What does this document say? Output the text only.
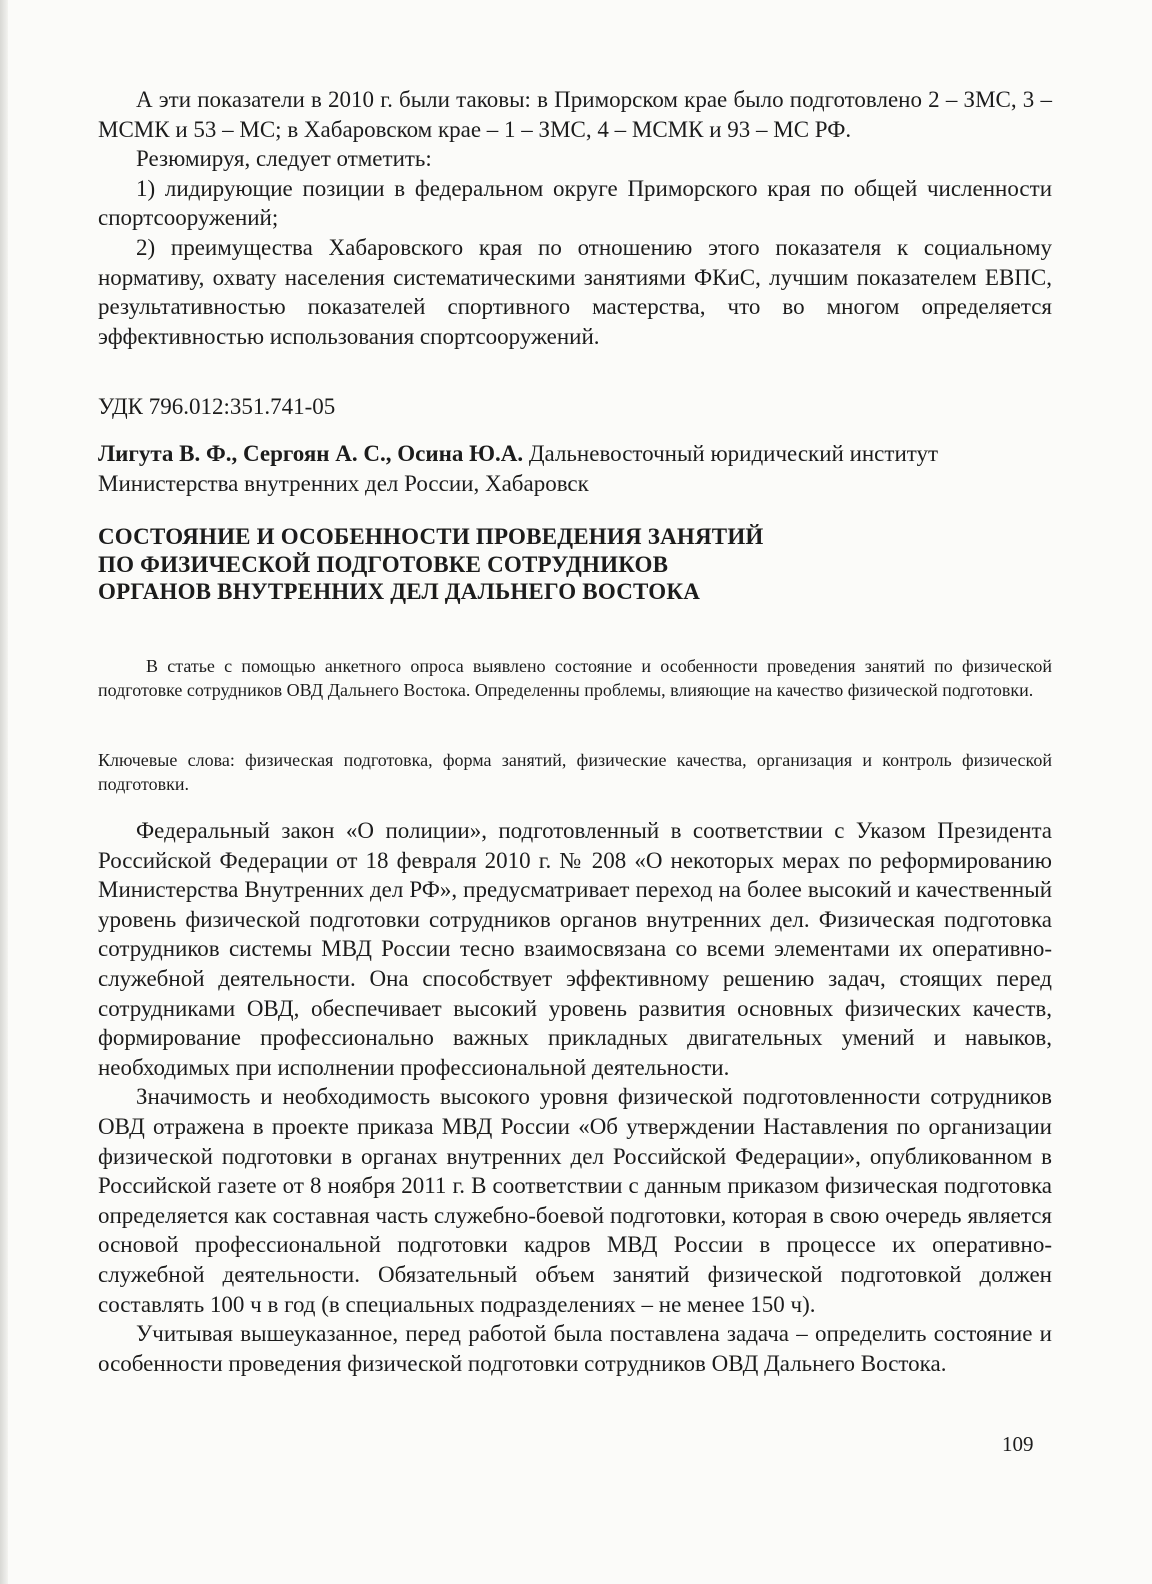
А эти показатели в 2010 г. были таковы: в Приморском крае было подготовлено 2 – ЗМС, 3 – МСМК и 53 – МС; в Хабаровском крае – 1 – ЗМС, 4 – МСМК и 93 – МС РФ.

Резюмируя, следует отметить:

1) лидирующие позиции в федеральном округе Приморского края по общей численности спортсооружений;

2) преимущества Хабаровского края по отношению этого показателя к социальному нормативу, охвату населения систематическими занятиями ФКиС, лучшим показателем ЕВПС, результативностью показателей спортивного мастерства, что во многом определяется эффективностью использования спортсооружений.

УДК 796.012:351.741-05

Лигута В. Ф., Сергоян А. С., Осина Ю.А. Дальневосточный юридический институт Министерства внутренних дел России, Хабаровск

СОСТОЯНИЕ И ОСОБЕННОСТИ ПРОВЕДЕНИЯ ЗАНЯТИЙ

ПО ФИЗИЧЕСКОЙ ПОДГОТОВКЕ СОТРУДНИКОВ

ОРГАНОВ ВНУТРЕННИХ ДЕЛ ДАЛЬНЕГО ВОСТОКА

В статье с помощью анкетного опроса выявлено состояние и особенности проведения занятий по физической подготовке сотрудников ОВД Дальнего Востока. Определенны проблемы, влияющие на качество физической подготовки.

Ключевые слова: физическая подготовка, форма занятий, физические качества, организация и контроль физической подготовки.

Федеральный закон «О полиции», подготовленный в соответствии с Указом Президента Российской Федерации от 18 февраля 2010 г. № 208 «О некоторых мерах по реформированию Министерства Внутренних дел РФ», предусматривает переход на более высокий и качественный уровень физической подготовки сотрудников органов внутренних дел. Физическая подготовка сотрудников системы МВД России тесно взаимосвязана со всеми элементами их оперативно-служебной деятельности. Она способствует эффективному решению задач, стоящих перед сотрудниками ОВД, обеспечивает высокий уровень развития основных физических качеств, формирование профессионально важных прикладных двигательных умений и навыков, необходимых при исполнении профессиональной деятельности.

Значимость и необходимость высокого уровня физической подготовленности сотрудников ОВД отражена в проекте приказа МВД России «Об утверждении Наставления по организации физической подготовки в органах внутренних дел Российской Федерации», опубликованном в Российской газете от 8 ноября 2011 г. В соответствии с данным приказом физическая подготовка определяется как составная часть служебно-боевой подготовки, которая в свою очередь является основой профессиональной подготовки кадров МВД России в процессе их оперативно-служебной деятельности. Обязательный объем занятий физической подготовкой должен составлять 100 ч в год (в специальных подразделениях – не менее 150 ч).

Учитывая вышеуказанное, перед работой была поставлена задача – определить состояние и особенности проведения физической подготовки сотрудников ОВД Дальнего Востока.

109
